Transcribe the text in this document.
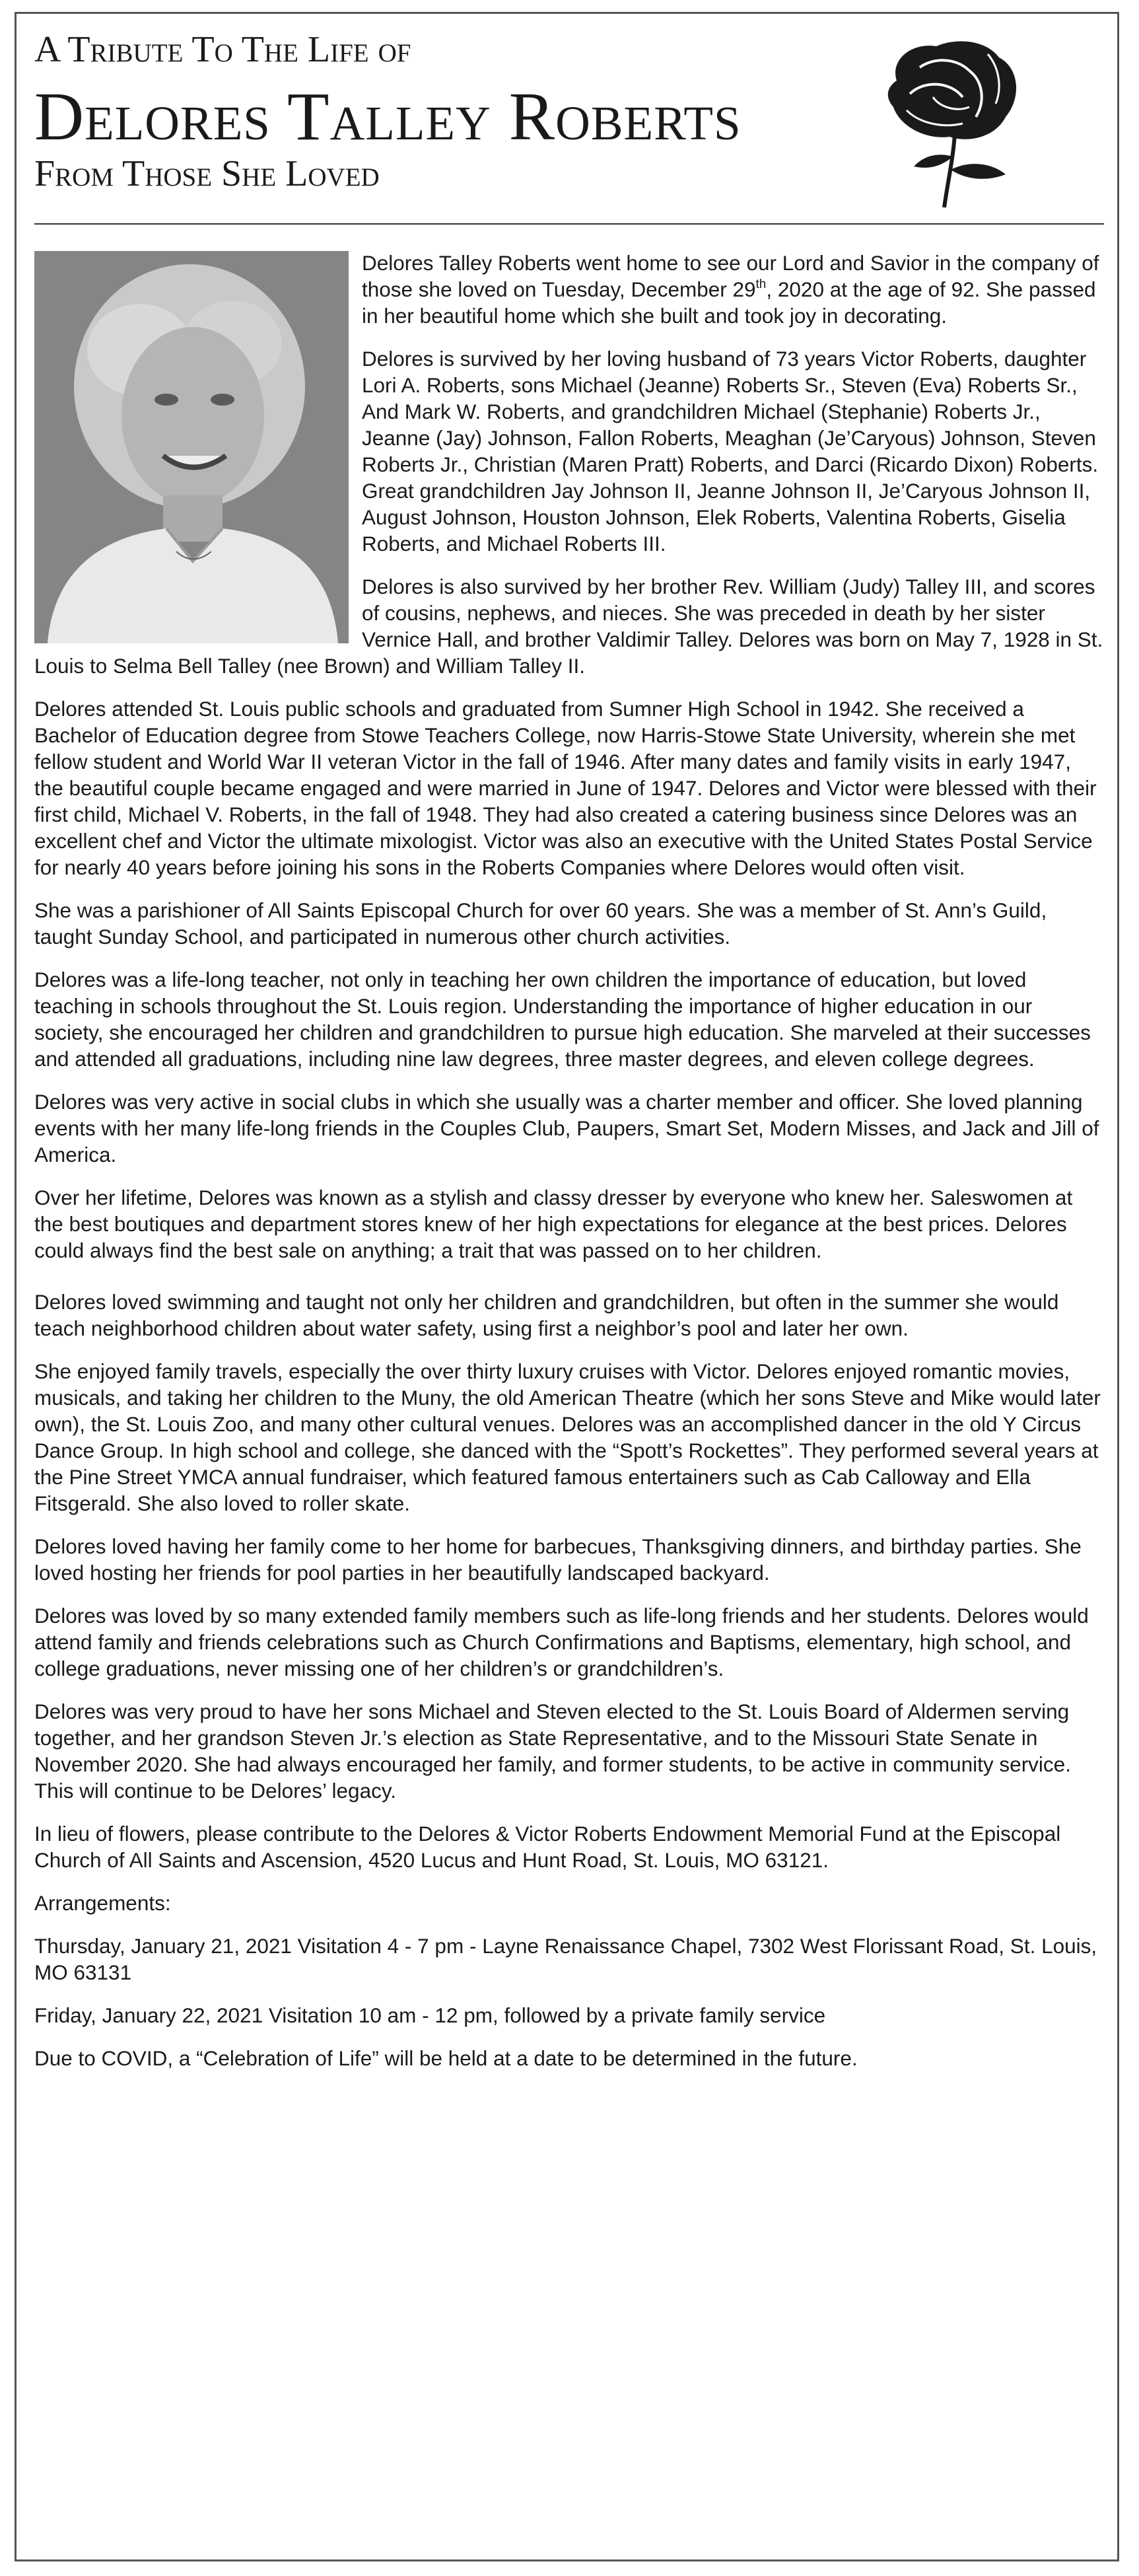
A Tribute To The Life of
Delores Talley Roberts
From Those She Loved

Delores Talley Roberts went home to see our Lord and Savior in the company of those she loved on Tuesday, December 29th, 2020 at the age of 92. She passed in her beautiful home which she built and took joy in decorating.

Delores is survived by her loving husband of 73 years Victor Roberts, daughter Lori A. Roberts, sons Michael (Jeanne) Roberts Sr., Steven (Eva) Roberts Sr., And Mark W. Roberts, and grandchildren Michael (Stephanie) Roberts Jr., Jeanne (Jay) Johnson, Fallon Roberts, Meaghan (Je’Caryous) Johnson, Steven Roberts Jr., Christian (Maren Pratt) Roberts, and Darci (Ricardo Dixon) Roberts. Great grandchildren Jay Johnson II, Jeanne Johnson II, Je’Caryous Johnson II, August Johnson, Houston Johnson, Elek Roberts, Valentina Roberts, Giselia Roberts, and Michael Roberts III.

Delores is also survived by her brother Rev. William (Judy) Talley III, and scores of cousins, nephews, and nieces. She was preceded in death by her sister Vernice Hall, and brother Valdimir Talley. Delores was born on May 7, 1928 in St. Louis to Selma Bell Talley (nee Brown) and William Talley II.

Delores attended St. Louis public schools and graduated from Sumner High School in 1942. She received a Bachelor of Education degree from Stowe Teachers College, now Harris-Stowe State University, wherein she met fellow student and World War II veteran Victor in the fall of 1946. After many dates and family visits in early 1947, the beautiful couple became engaged and were married in June of 1947. Delores and Victor were blessed with their first child, Michael V. Roberts, in the fall of 1948. They had also created a catering business since Delores was an excellent chef and Victor the ultimate mixologist. Victor was also an executive with the United States Postal Service for nearly 40 years before joining his sons in the Roberts Companies where Delores would often visit.

She was a parishioner of All Saints Episcopal Church for over 60 years. She was a member of St. Ann’s Guild, taught Sunday School, and participated in numerous other church activities.

Delores was a life-long teacher, not only in teaching her own children the importance of education, but loved teaching in schools throughout the St. Louis region. Understanding the importance of higher education in our society, she encouraged her children and grandchildren to pursue high education. She marveled at their successes and attended all graduations, including nine law degrees, three master degrees, and eleven college degrees.

Delores was very active in social clubs in which she usually was a charter member and officer. She loved planning events with her many life-long friends in the Couples Club, Paupers, Smart Set, Modern Misses, and Jack and Jill of America.

Over her lifetime, Delores was known as a stylish and classy dresser by everyone who knew her. Saleswomen at the best boutiques and department stores knew of her high expectations for elegance at the best prices. Delores could always find the best sale on anything; a trait that was passed on to her children.

Delores loved swimming and taught not only her children and grandchildren, but often in the summer she would teach neighborhood children about water safety, using first a neighbor’s pool and later her own.

She enjoyed family travels, especially the over thirty luxury cruises with Victor. Delores enjoyed romantic movies, musicals, and taking her children to the Muny, the old American Theatre (which her sons Steve and Mike would later own), the St. Louis Zoo, and many other cultural venues. Delores was an accomplished dancer in the old Y Circus Dance Group. In high school and college, she danced with the “Spott’s Rockettes”. They performed several years at the Pine Street YMCA annual fundraiser, which featured famous entertainers such as Cab Calloway and Ella Fitsgerald. She also loved to roller skate.

Delores loved having her family come to her home for barbecues, Thanksgiving dinners, and birthday parties. She loved hosting her friends for pool parties in her beautifully landscaped backyard.

Delores was loved by so many extended family members such as life-long friends and her students. Delores would attend family and friends celebrations such as Church Confirmations and Baptisms, elementary, high school, and college graduations, never missing one of her children’s or grandchildren’s.

Delores was very proud to have her sons Michael and Steven elected to the St. Louis Board of Aldermen serving together, and her grandson Steven Jr.’s election as State Representative, and to the Missouri State Senate in November 2020. She had always encouraged her family, and former students, to be active in community service. This will continue to be Delores’ legacy.

In lieu of flowers, please contribute to the Delores & Victor Roberts Endowment Memorial Fund at the Episcopal Church of All Saints and Ascension, 4520 Lucus and Hunt Road, St. Louis, MO 63121.

Arrangements:

Thursday, January 21, 2021 Visitation 4 - 7 pm - Layne Renaissance Chapel, 7302 West Florissant Road, St. Louis, MO 63131

Friday, January 22, 2021 Visitation 10 am - 12 pm, followed by a private family service

Due to COVID, a “Celebration of Life” will be held at a date to be determined in the future.
